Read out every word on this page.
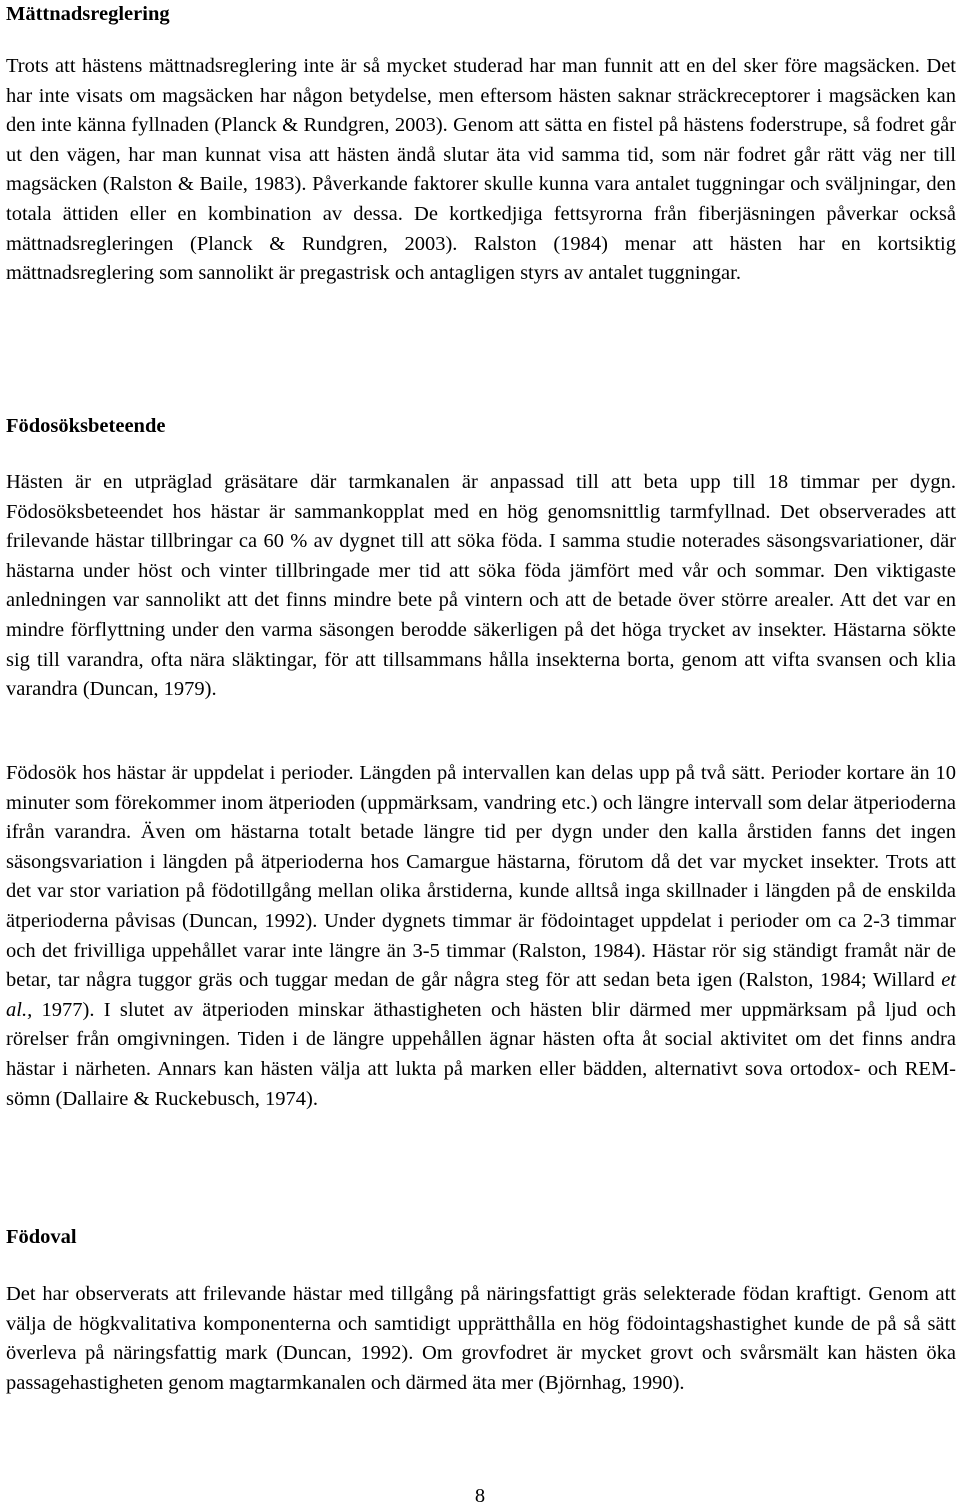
Mättnadsreglering

Trots att hästens mättnadsreglering inte är så mycket studerad har man funnit att en del sker före magsäcken. Det har inte visats om magsäcken har någon betydelse, men eftersom hästen saknar sträckreceptorer i magsäcken kan den inte känna fyllnaden (Planck & Rundgren, 2003). Genom att sätta en fistel på hästens foderstrupe, så fodret går ut den vägen, har man kunnat visa att hästen ändå slutar äta vid samma tid, som när fodret går rätt väg ner till magsäcken (Ralston & Baile, 1983). Påverkande faktorer skulle kunna vara antalet tuggningar och sväljningar, den totala ättiden eller en kombination av dessa. De kortkedjiga fettsyrorna från fiberjäsningen påverkar också mättnadsregleringen (Planck & Rundgren, 2003). Ralston (1984) menar att hästen har en kortsiktig mättnadsreglering som sannolikt är pregastrisk och antagligen styrs av antalet tuggningar.

Födosöksbeteende

Hästen är en utpräglad gräsätare där tarmkanalen är anpassad till att beta upp till 18 timmar per dygn. Födosöksbeteendet hos hästar är sammankopplat med en hög genomsnittlig tarmfyllnad. Det observerades att frilevande hästar tillbringar ca 60 % av dygnet till att söka föda. I samma studie noterades säsongsvariationer, där hästarna under höst och vinter tillbringade mer tid att söka föda jämfört med vår och sommar. Den viktigaste anledningen var sannolikt att det finns mindre bete på vintern och att de betade över större arealer. Att det var en mindre förflyttning under den varma säsongen berodde säkerligen på det höga trycket av insekter. Hästarna sökte sig till varandra, ofta nära släktingar, för att tillsammans hålla insekterna borta, genom att vifta svansen och klia varandra (Duncan, 1979).

Födosök hos hästar är uppdelat i perioder. Längden på intervallen kan delas upp på två sätt. Perioder kortare än 10 minuter som förekommer inom ätperioden (uppmärksam, vandring etc.) och längre intervall som delar ätperioderna ifrån varandra. Även om hästarna totalt betade längre tid per dygn under den kalla årstiden fanns det ingen säsongsvariation i längden på ätperioderna hos Camargue hästarna, förutom då det var mycket insekter. Trots att det var stor variation på födotillgång mellan olika årstiderna, kunde alltså inga skillnader i längden på de enskilda ätperioderna påvisas (Duncan, 1992). Under dygnets timmar är födointaget uppdelat i perioder om ca 2-3 timmar och det frivilliga uppehållet varar inte längre än 3-5 timmar (Ralston, 1984). Hästar rör sig ständigt framåt när de betar, tar några tuggor gräs och tuggar medan de går några steg för att sedan beta igen (Ralston, 1984; Willard et al., 1977). I slutet av ätperioden minskar äthastigheten och hästen blir därmed mer uppmärksam på ljud och rörelser från omgivningen. Tiden i de längre uppehållen ägnar hästen ofta åt social aktivitet om det finns andra hästar i närheten. Annars kan hästen välja att lukta på marken eller bädden, alternativt sova ortodox- och REM-sömn (Dallaire & Ruckebusch, 1974).

Födoval

Det har observerats att frilevande hästar med tillgång på näringsfattigt gräs selekterade födan kraftigt. Genom att välja de högkvalitativa komponenterna och samtidigt upprätthålla en hög födointagshastighet kunde de på så sätt överleva på näringsfattig mark (Duncan, 1992). Om grovfodret är mycket grovt och svårsmält kan hästen öka passagehastigheten genom magtarmkanalen och därmed äta mer (Björnhag, 1990).

8
